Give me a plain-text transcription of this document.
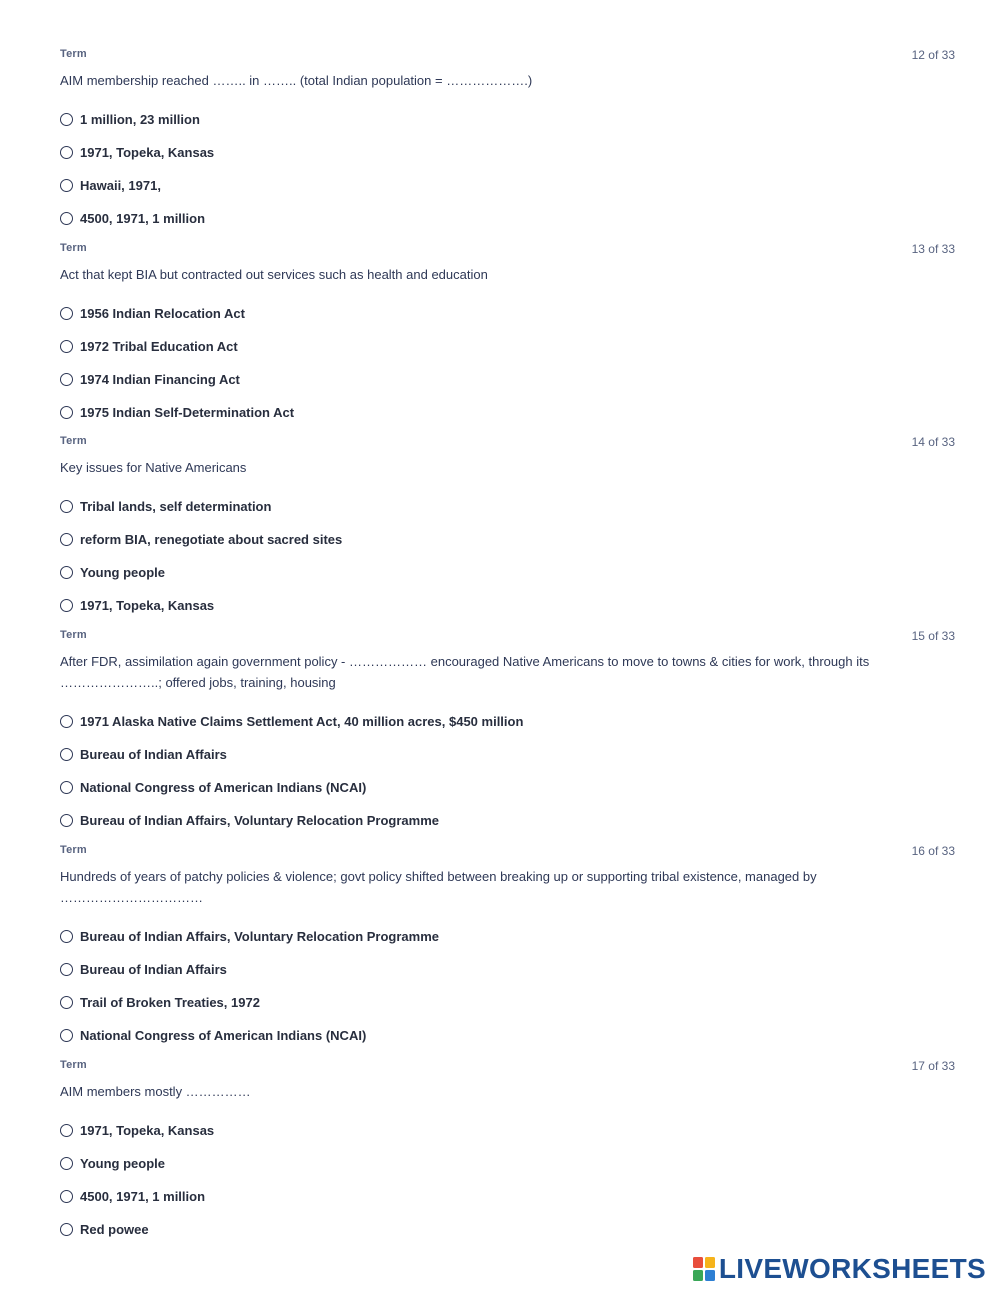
Term	12 of 33
AIM membership reached …….. in …….. (total Indian population = ……………….)
1 million, 23 million
1971, Topeka, Kansas
Hawaii, 1971,
4500, 1971, 1 million
Term	13 of 33
Act that kept BIA but contracted out services such as health and education
1956 Indian Relocation Act
1972 Tribal Education Act
1974 Indian Financing Act
1975 Indian Self-Determination Act
Term	14 of 33
Key issues for Native Americans
Tribal lands, self determination
reform BIA, renegotiate about sacred sites
Young people
1971, Topeka, Kansas
Term	15 of 33
After FDR, assimilation again government policy - ……………… encouraged Native Americans to move to towns & cities for work, through its …………………..; offered jobs, training, housing
1971 Alaska Native Claims Settlement Act, 40 million acres, $450 million
Bureau of Indian Affairs
National Congress of American Indians (NCAI)
Bureau of Indian Affairs, Voluntary Relocation Programme
Term	16 of 33
Hundreds of years of patchy policies & violence; govt policy shifted between breaking up or supporting tribal existence, managed by ……………………………
Bureau of Indian Affairs, Voluntary Relocation Programme
Bureau of Indian Affairs
Trail of Broken Treaties, 1972
National Congress of American Indians (NCAI)
Term	17 of 33
AIM members mostly ……………
1971, Topeka, Kansas
Young people
4500, 1971, 1 million
Red powee
LIVEWORKSHEETS
